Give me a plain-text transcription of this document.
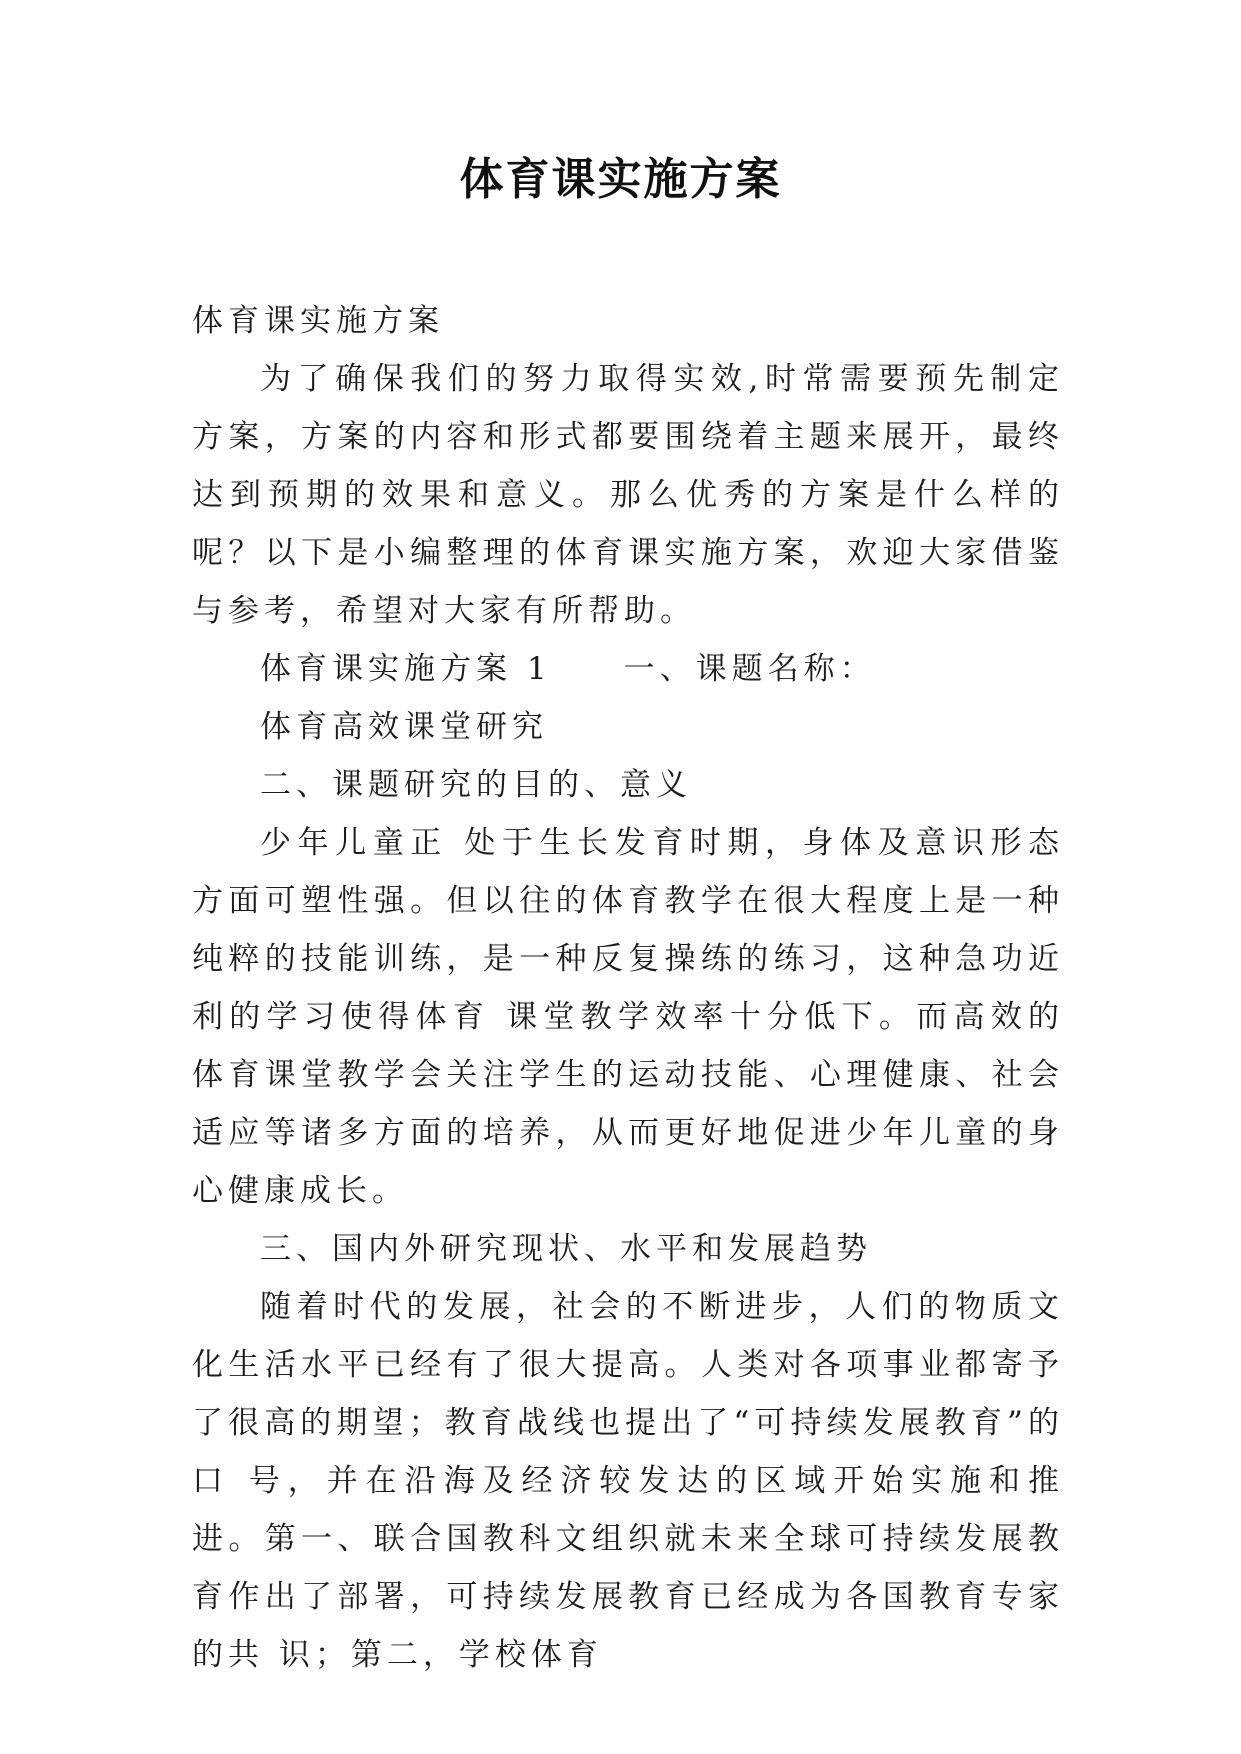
体育课实施方案

体育课实施方案

为了确保我们的努力取得实效,时常需要预先制定方案，方案的内容和形式都要围绕着主题来展开，最终达到预期的效果和意义。那么优秀的方案是什么样的呢？以下是小编整理的体育课实施方案，欢迎大家借鉴与参考，希望对大家有所帮助。

体育课实施方案 1　　一、课题名称：

体育高效课堂研究

二、课题研究的目的、意义

少年儿童正 处于生长发育时期，身体及意识形态方面可塑性强。但以往的体育教学在很大程度上是一种纯粹的技能训练，是一种反复操练的练习，这种急功近利的学习使得体育 课堂教学效率十分低下。而高效的体育课堂教学会关注学生的运动技能、心理健康、社会适应等诸多方面的培养，从而更好地促进少年儿童的身心健康成长。

三、国内外研究现状、水平和发展趋势

随着时代的发展，社会的不断进步，人们的物质文化生活水平已经有了很大提高。人类对各项事业都寄予了很高的期望；教育战线也提出了“可持续发展教育”的口 号，并在沿海及经济较发达的区域开始实施和推进。第一、联合国教科文组织就未来全球可持续发展教育作出了部署，可持续发展教育已经成为各国教育专家的共 识；第二，学校体育
